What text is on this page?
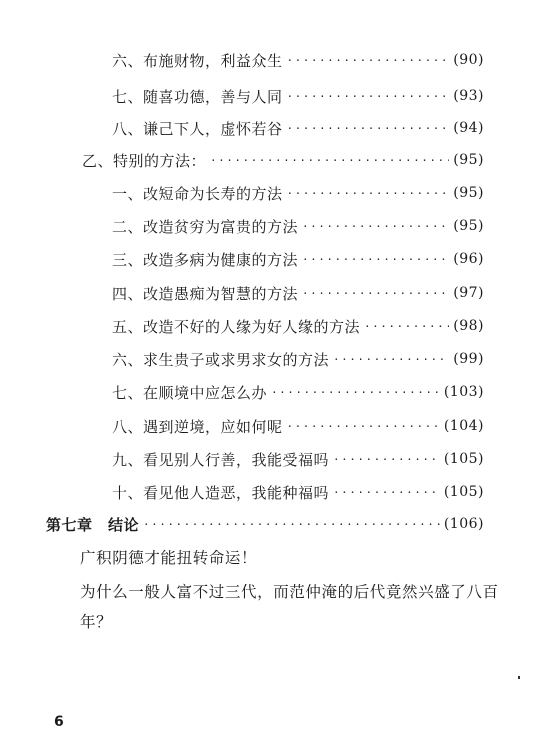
六、布施财物，利益众生 ·····	(90)
七、随喜功德，善与人同 ·····	(93)
八、谦己下人，虚怀若谷 ·····	(94)
乙、特别的方法： ·····	(95)
一、改短命为长寿的方法 ·····	(95)
二、改造贫穷为富贵的方法 ·····	(95)
三、改造多病为健康的方法 ·····	(96)
四、改造愚痴为智慧的方法 ·····	(97)
五、改造不好的人缘为好人缘的方法 ·····	(98)
六、求生贵子或求男求女的方法 ·····	(99)
七、在顺境中应怎么办 ·····	(103)
八、遇到逆境，应如何呢 ·····	(104)
九、看见别人行善，我能受福吗 ·····	(105)
十、看见他人造恶，我能种福吗 ·····	(105)
第七章　结论 ·····	(106)
广积阴德才能扭转命运！
为什么一般人富不过三代，而范仲淹的后代竟然兴盛了八百
年？
6
